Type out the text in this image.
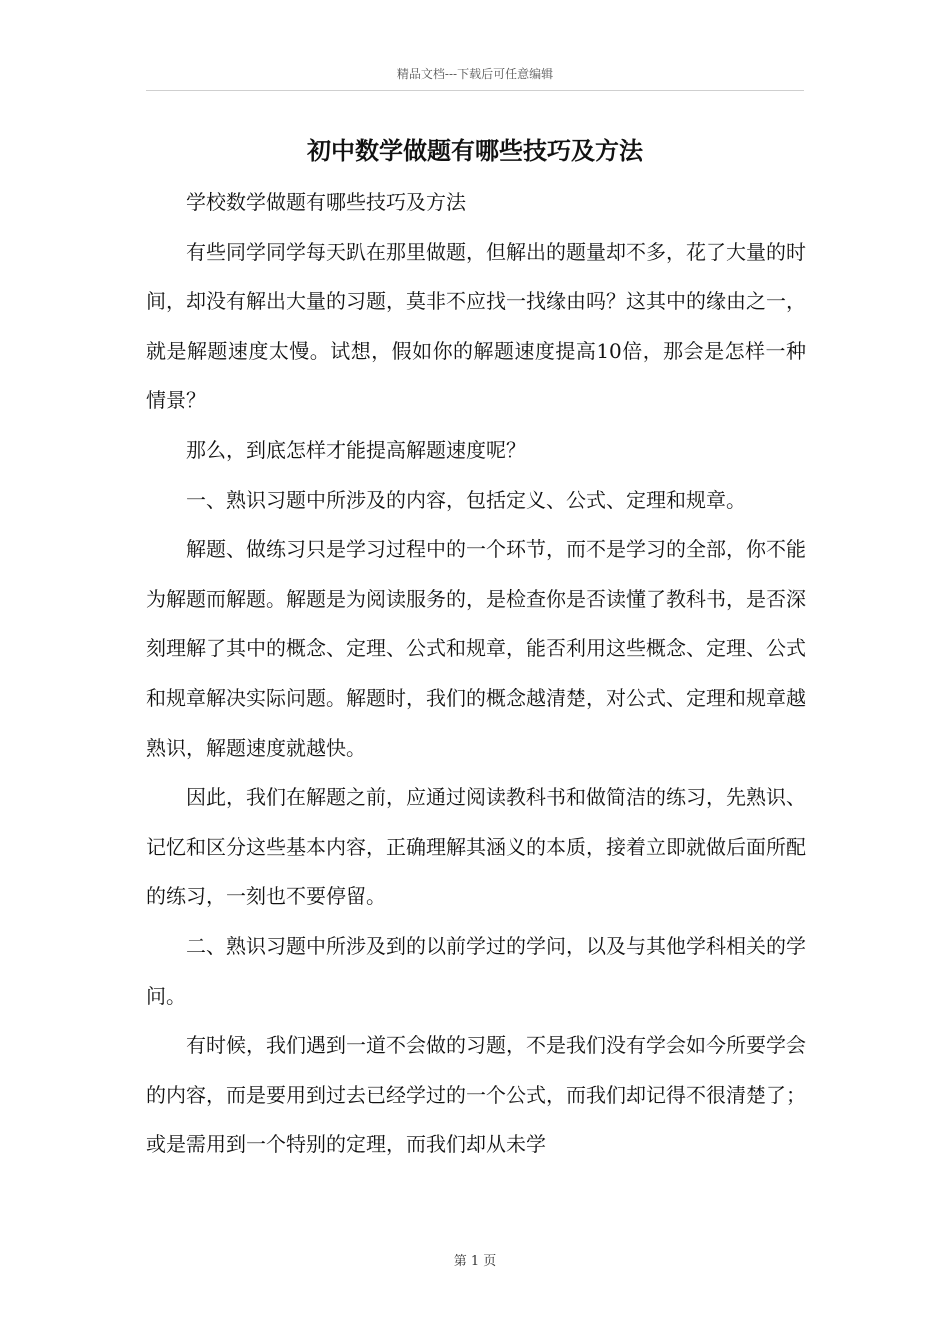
精品文档---下载后可任意编辑
初中数学做题有哪些技巧及方法

学校数学做题有哪些技巧及方法

有些同学同学每天趴在那里做题，但解出的题量却不多，花了大量的时间，却没有解出大量的习题，莫非不应找一找缘由吗？这其中的缘由之一，就是解题速度太慢。试想，假如你的解题速度提高10倍，那会是怎样一种情景？

那么，到底怎样才能提高解题速度呢？

一、熟识习题中所涉及的内容，包括定义、公式、定理和规章。

解题、做练习只是学习过程中的一个环节，而不是学习的全部，你不能为解题而解题。解题是为阅读服务的，是检查你是否读懂了教科书，是否深刻理解了其中的概念、定理、公式和规章，能否利用这些概念、定理、公式和规章解决实际问题。解题时，我们的概念越清楚，对公式、定理和规章越熟识，解题速度就越快。

因此，我们在解题之前，应通过阅读教科书和做简洁的练习，先熟识、记忆和区分这些基本内容，正确理解其涵义的本质，接着立即就做后面所配的练习，一刻也不要停留。

二、熟识习题中所涉及到的以前学过的学问，以及与其他学科相关的学问。

有时候，我们遇到一道不会做的习题，不是我们没有学会如今所要学会的内容，而是要用到过去已经学过的一个公式，而我们却记得不很清楚了；或是需用到一个特别的定理，而我们却从未学

第 1 页
